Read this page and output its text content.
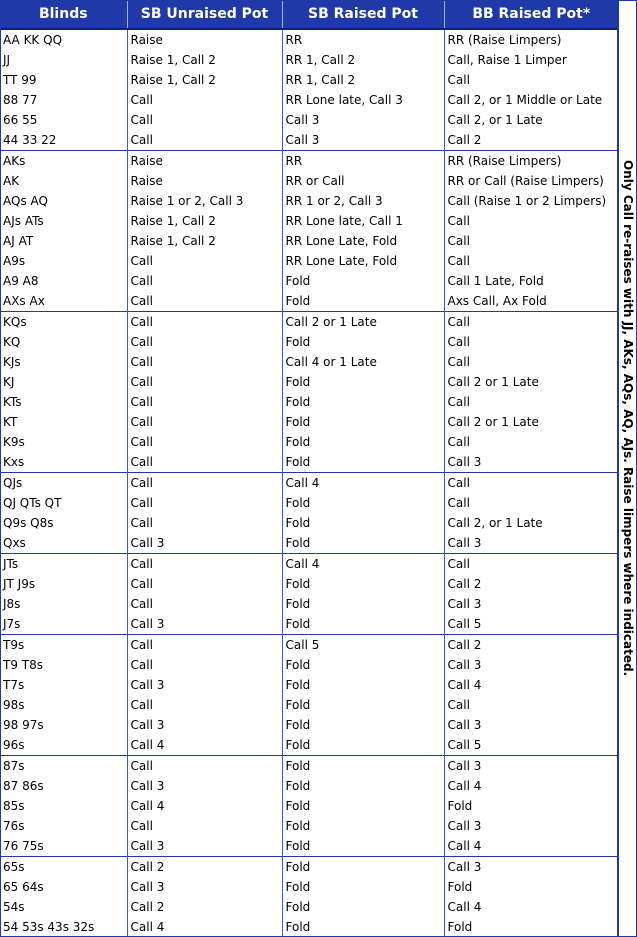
Blinds	SB Unraised Pot	SB Raised Pot	BB Raised Pot*
AA KK QQ	Raise	RR	RR (Raise Limpers)
JJ	Raise 1, Call 2	RR 1, Call 2	Call, Raise 1 Limper
TT 99	Raise 1, Call 2	RR 1, Call 2	Call
88 77	Call	RR Lone late, Call 3	Call 2, or 1 Middle or Late
66 55	Call	Call 3	Call 2, or 1 Late
44 33 22	Call	Call 3	Call 2
AKs	Raise	RR	RR (Raise Limpers)
AK	Raise	RR or Call	RR or Call (Raise Limpers)
AQs AQ	Raise 1 or 2, Call 3	RR 1 or 2, Call 3	Call (Raise 1 or 2 Limpers)
AJs ATs	Raise 1, Call 2	RR Lone late, Call 1	Call
AJ AT	Raise 1, Call 2	RR Lone Late, Fold	Call
A9s	Call	RR Lone Late, Fold	Call
A9 A8	Call	Fold	Call 1 Late, Fold
AXs Ax	Call	Fold	Axs Call, Ax Fold
KQs	Call	Call 2 or 1 Late	Call
KQ	Call	Fold	Call
KJs	Call	Call 4 or 1 Late	Call
KJ	Call	Fold	Call 2 or 1 Late
KTs	Call	Fold	Call
KT	Call	Fold	Call 2 or 1 Late
K9s	Call	Fold	Call
Kxs	Call	Fold	Call 3
QJs	Call	Call 4	Call
QJ QTs QT	Call	Fold	Call
Q9s Q8s	Call	Fold	Call 2, or 1 Late
Qxs	Call 3	Fold	Call 3
JTs	Call	Call 4	Call
JT J9s	Call	Fold	Call 2
J8s	Call	Fold	Call 3
J7s	Call 3	Fold	Call 5
T9s	Call	Call 5	Call 2
T9 T8s	Call	Fold	Call 3
T7s	Call 3	Fold	Call 4
98s	Call	Fold	Call
98 97s	Call 3	Fold	Call 3
96s	Call 4	Fold	Call 5
87s	Call	Fold	Call 3
87 86s	Call 3	Fold	Call 4
85s	Call 4	Fold	Fold
76s	Call	Fold	Call 3
76 75s	Call 3	Fold	Call 4
65s	Call 2	Fold	Call 3
65 64s	Call 3	Fold	Fold
54s	Call 2	Fold	Call 4
54 53s 43s 32s	Call 4	Fold	Fold
Only Call re-raises with JJ, AKs, AQs, AQ, AJs. Raise limpers where indicated.
